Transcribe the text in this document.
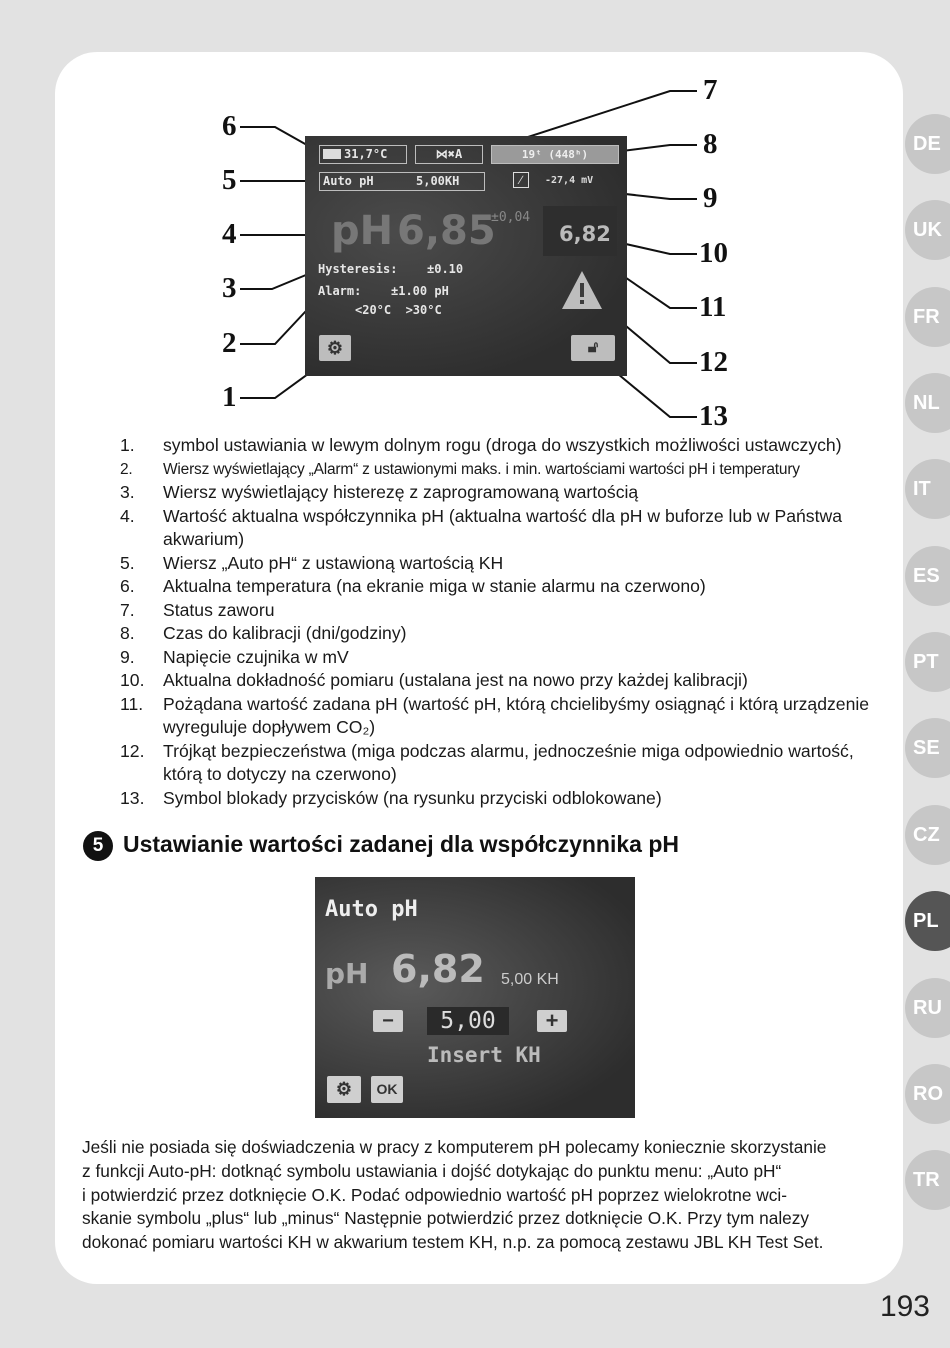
DE
UK
FR
NL
IT
ES
PT
SE
CZ
PL
RU
RO
TR
6
5
4
3
2
1
7
8
9
10
11
12
13
31,7°C	⋈✖A	19ᵗ (448ʰ)
Auto pH	5,00KH	∕	-27,4 mV
pH 6,85
±0,04
6,82
Hysteresis: ±0.10
Alarm: ±1.00 pH
<20°C  >30°C
⚙	🔓︎
1. symbol ustawiania w lewym dolnym rogu (droga do wszystkich możliwości ustawczych)
2. Wiersz wyświetlający „Alarm“ z ustawionymi maks. i min. wartościami wartości pH i temperatury
3. Wiersz wyświetlający histerezę z zaprogramowaną wartością
4. Wartość aktualna współczynnika pH (aktualna wartość dla pH w buforze lub w Państwa akwarium)
5. Wiersz „Auto pH“ z ustawioną wartością KH
6. Aktualna temperatura (na ekranie miga w stanie alarmu na czerwono)
7. Status zaworu
8. Czas do kalibracji (dni/godziny)
9. Napięcie czujnika w mV
10. Aktualna dokładność pomiaru (ustalana jest na nowo przy każdej kalibracji)
11. Pożądana wartość zadana pH (wartość pH, którą chcielibyśmy osiągnąć i którą urządzenie wyreguluje dopływem CO₂)
12. Trójkąt bezpieczeństwa (miga podczas alarmu, jednocześnie miga odpowiednio wartość, którą to dotyczy na czerwono)
13. Symbol blokady przycisków (na rysunku przyciski odblokowane)
5 Ustawianie wartości zadanej dla współczynnika pH
Auto pH
pH 6,82 5,00 KH
−	5,00	+
Insert KH
⚙	OK
Jeśli nie posiada się doświadczenia w pracy z komputerem pH polecamy koniecznie skorzystanie
z funkcji Auto-pH: dotknąć symbolu ustawiania i dojść dotykając do punktu menu: „Auto pH“
i potwierdzić przez dotknięcie O.K. Podać odpowiednio wartość pH poprzez wielokrotne wci-
skanie symbolu „plus“ lub „minus“ Następnie potwierdzić przez dotknięcie O.K. Przy tym nalezy
dokonać pomiaru wartości KH w akwarium testem KH, n.p. za pomocą zestawu JBL KH Test Set.
193
